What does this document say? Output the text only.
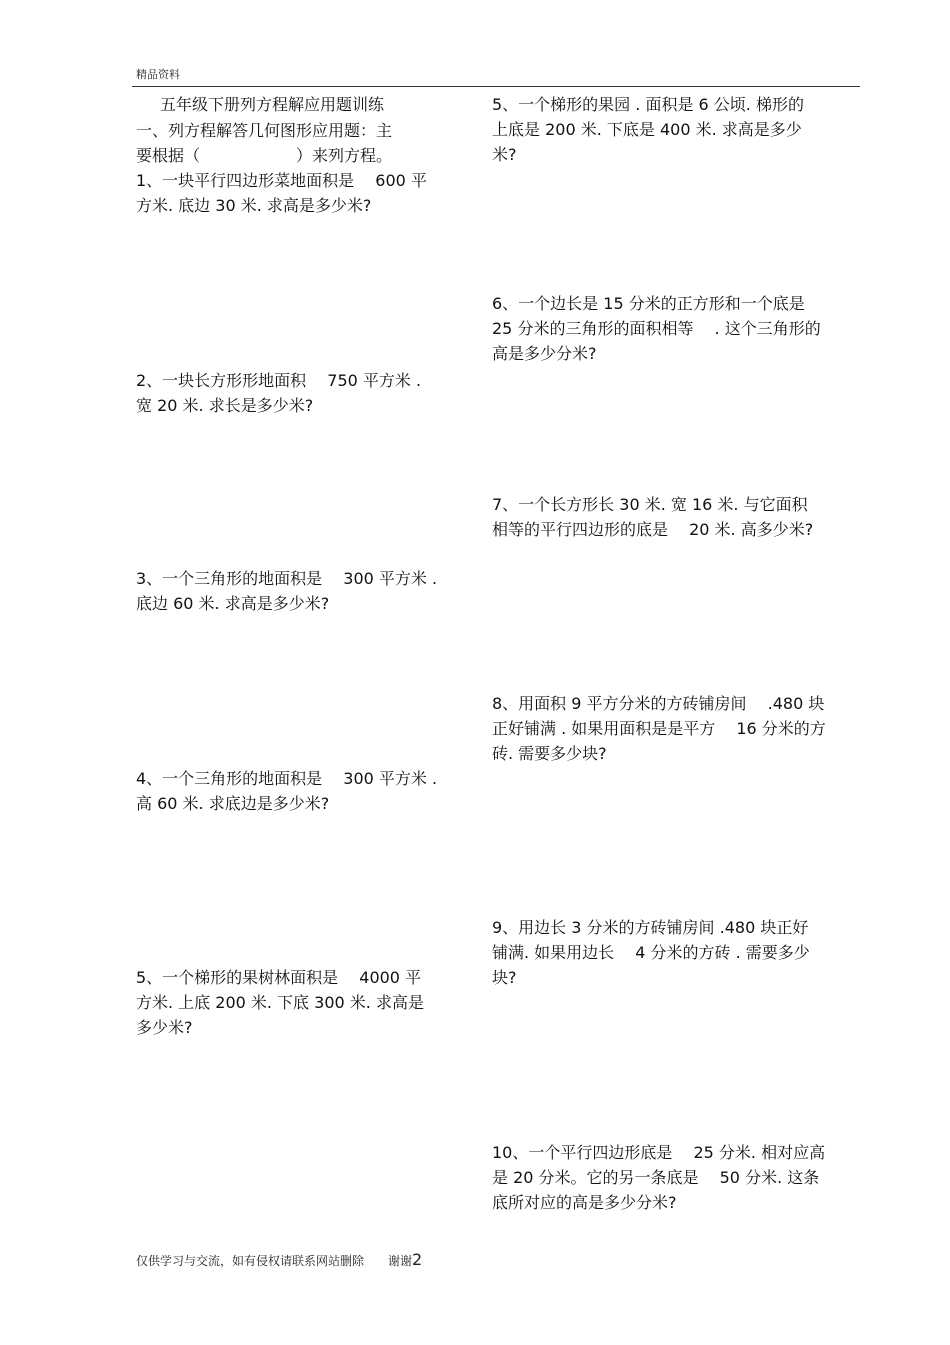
精品资料
五年级下册列方程解应用题训练
一、列方程解答几何图形应用题：主
要根据（　　　　　　）来列方程。
1、一块平行四边形菜地面积是 　600 平
方米. 底边 30 米. 求高是多少米?
2、一块长方形形地面积 　750 平方米 .
宽 20 米. 求长是多少米?
3、一个三角形的地面积是 　300 平方米 .
底边 60 米. 求高是多少米?
4、一个三角形的地面积是 　300 平方米 .
高 60 米. 求底边是多少米?
5、一个梯形的果树林面积是 　4000 平
方米. 上底 200 米. 下底 300 米. 求高是
多少米?
5、一个梯形的果园 . 面积是 6 公顷. 梯形的
上底是 200 米. 下底是 400 米. 求高是多少
米?
6、一个边长是 15 分米的正方形和一个底是
25 分米的三角形的面积相等 　. 这个三角形的
高是多少分米?
7、一个长方形长 30 米. 宽 16 米. 与它面积
相等的平行四边形的底是 　20 米. 高多少米?
8、用面积 9 平方分米的方砖铺房间 　.480 块
正好铺满 . 如果用面积是是平方 　16 分米的方
砖. 需要多少块?
9、用边长 3 分米的方砖铺房间 .480 块正好
铺满. 如果用边长 　4 分米的方砖 . 需要多少
块?
10、一个平行四边形底是 　25 分米. 相对应高
是 20 分米。它的另一条底是 　50 分米. 这条
底所对应的高是多少分米?
仅供学习与交流，如有侵权请联系网站删除　　谢谢2
